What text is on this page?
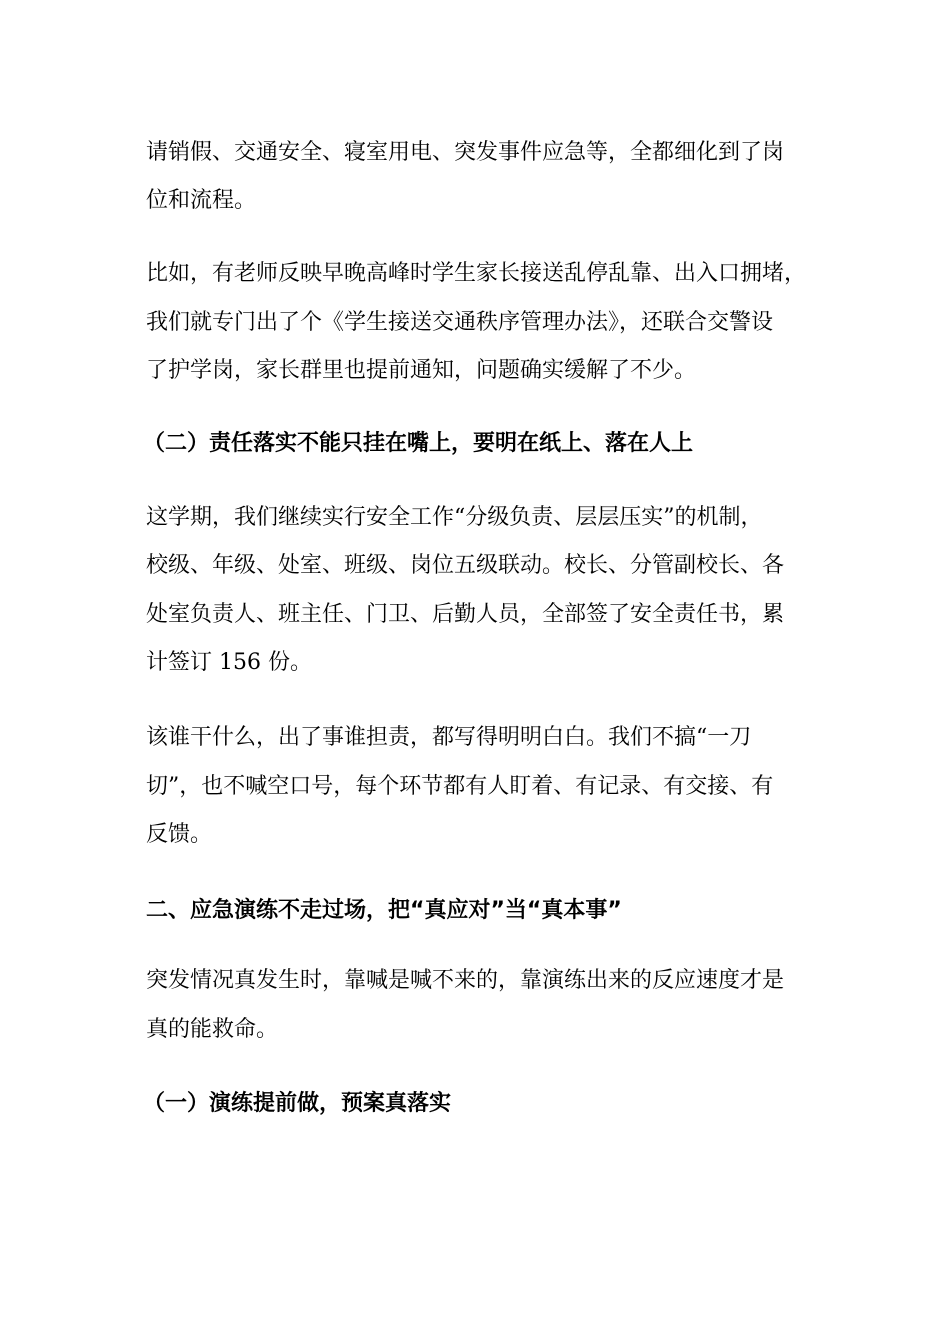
请销假、交通安全、寝室用电、突发事件应急等，全都细化到了岗
位和流程。
比如，有老师反映早晚高峰时学生家长接送乱停乱靠、出入口拥堵，
我们就专门出了个《学生接送交通秩序管理办法》，还联合交警设
了护学岗，家长群里也提前通知，问题确实缓解了不少。
（二）责任落实不能只挂在嘴上，要明在纸上、落在人上
这学期，我们继续实行安全工作“分级负责、层层压实”的机制，
校级、年级、处室、班级、岗位五级联动。校长、分管副校长、各
处室负责人、班主任、门卫、后勤人员，全部签了安全责任书，累
计签订 156 份。
该谁干什么，出了事谁担责，都写得明明白白。我们不搞“一刀
切”，也不喊空口号，每个环节都有人盯着、有记录、有交接、有
反馈。
二、应急演练不走过场，把“真应对”当“真本事”
突发情况真发生时，靠喊是喊不来的，靠演练出来的反应速度才是
真的能救命。
（一）演练提前做，预案真落实
